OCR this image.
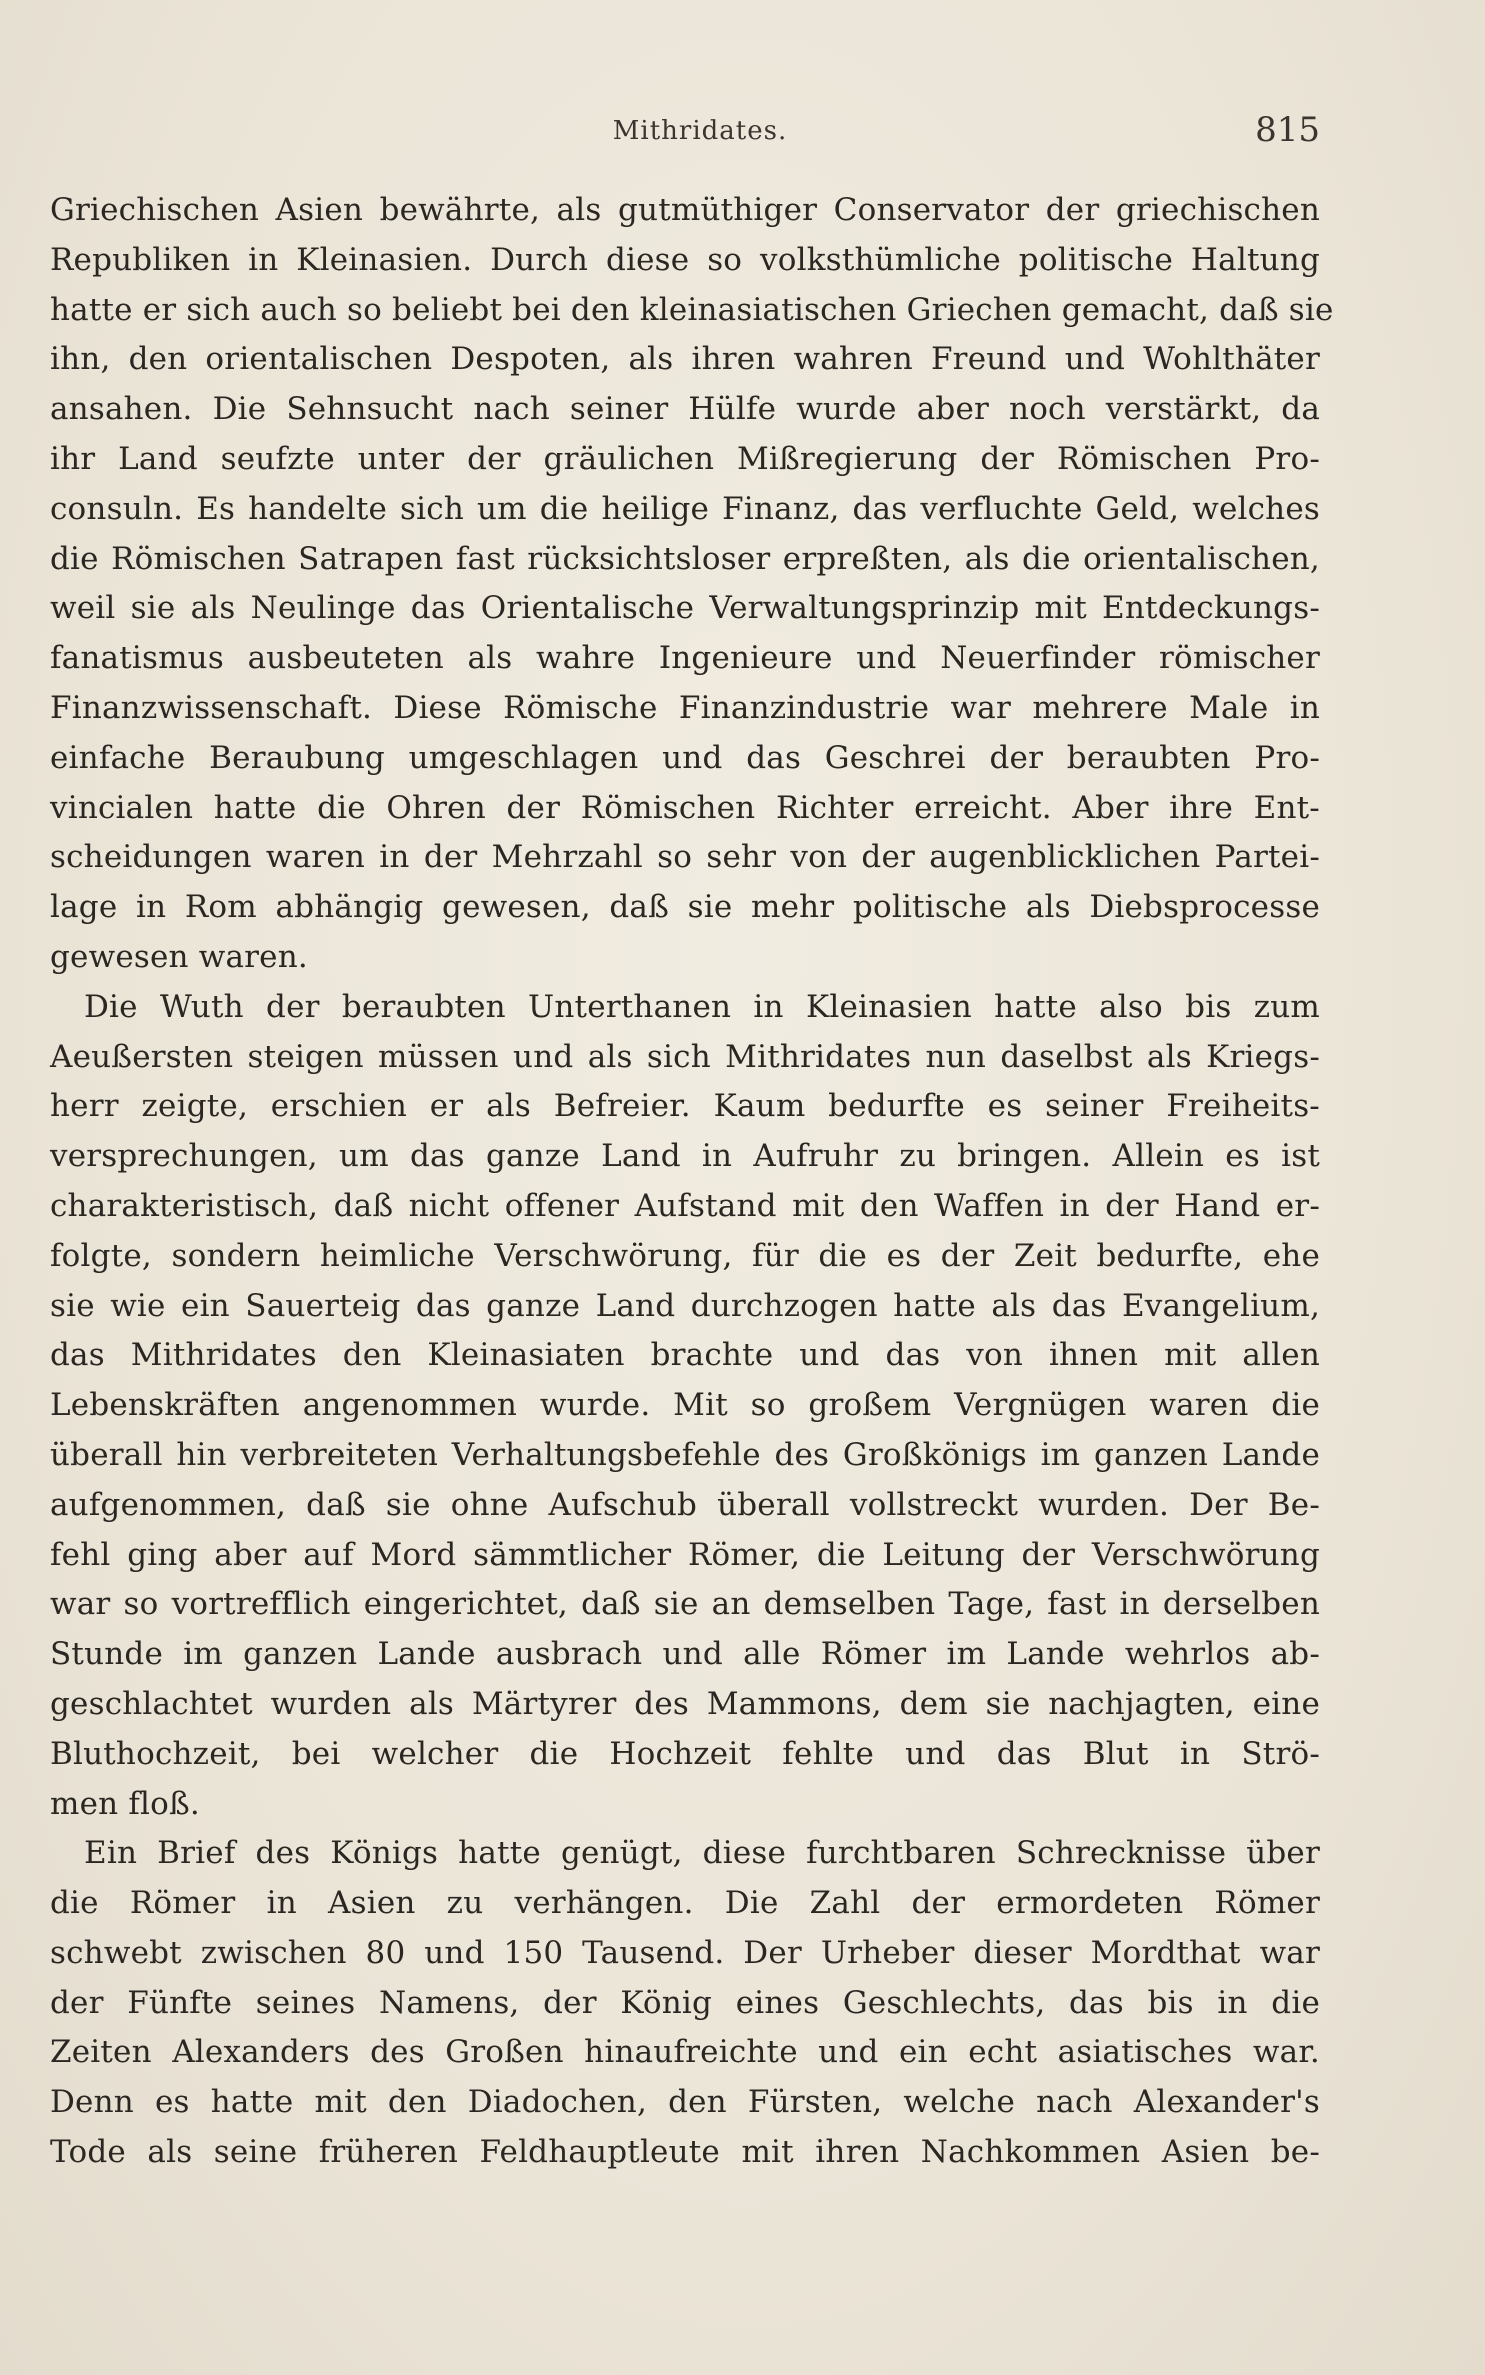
Mithridates.	815
Griechischen Asien bewährte, als gutmüthiger Conservator der griechischen
Republiken in Kleinasien. Durch diese so volksthümliche politische Haltung
hatte er sich auch so beliebt bei den kleinasiatischen Griechen gemacht, daß sie
ihn, den orientalischen Despoten, als ihren wahren Freund und Wohlthäter
ansahen. Die Sehnsucht nach seiner Hülfe wurde aber noch verstärkt, da
ihr Land seufzte unter der gräulichen Mißregierung der Römischen Pro-
consuln. Es handelte sich um die heilige Finanz, das verfluchte Geld, welches
die Römischen Satrapen fast rücksichtsloser erpreßten, als die orientalischen,
weil sie als Neulinge das Orientalische Verwaltungsprinzip mit Entdeckungs-
fanatismus ausbeuteten als wahre Ingenieure und Neuerfinder römischer
Finanzwissenschaft. Diese Römische Finanzindustrie war mehrere Male in
einfache Beraubung umgeschlagen und das Geschrei der beraubten Pro-
vincialen hatte die Ohren der Römischen Richter erreicht. Aber ihre Ent-
scheidungen waren in der Mehrzahl so sehr von der augenblicklichen Partei-
lage in Rom abhängig gewesen, daß sie mehr politische als Diebsprocesse
gewesen waren.
Die Wuth der beraubten Unterthanen in Kleinasien hatte also bis zum
Aeußersten steigen müssen und als sich Mithridates nun daselbst als Kriegs-
herr zeigte, erschien er als Befreier. Kaum bedurfte es seiner Freiheits-
versprechungen, um das ganze Land in Aufruhr zu bringen. Allein es ist
charakteristisch, daß nicht offener Aufstand mit den Waffen in der Hand er-
folgte, sondern heimliche Verschwörung, für die es der Zeit bedurfte, ehe
sie wie ein Sauerteig das ganze Land durchzogen hatte als das Evangelium,
das Mithridates den Kleinasiaten brachte und das von ihnen mit allen
Lebenskräften angenommen wurde. Mit so großem Vergnügen waren die
überall hin verbreiteten Verhaltungsbefehle des Großkönigs im ganzen Lande
aufgenommen, daß sie ohne Aufschub überall vollstreckt wurden. Der Be-
fehl ging aber auf Mord sämmtlicher Römer, die Leitung der Verschwörung
war so vortrefflich eingerichtet, daß sie an demselben Tage, fast in derselben
Stunde im ganzen Lande ausbrach und alle Römer im Lande wehrlos ab-
geschlachtet wurden als Märtyrer des Mammons, dem sie nachjagten, eine
Bluthochzeit, bei welcher die Hochzeit fehlte und das Blut in Strö-
men floß.
Ein Brief des Königs hatte genügt, diese furchtbaren Schrecknisse über
die Römer in Asien zu verhängen. Die Zahl der ermordeten Römer
schwebt zwischen 80 und 150 Tausend. Der Urheber dieser Mordthat war
der Fünfte seines Namens, der König eines Geschlechts, das bis in die
Zeiten Alexanders des Großen hinaufreichte und ein echt asiatisches war.
Denn es hatte mit den Diadochen, den Fürsten, welche nach Alexander's
Tode als seine früheren Feldhauptleute mit ihren Nachkommen Asien be-
